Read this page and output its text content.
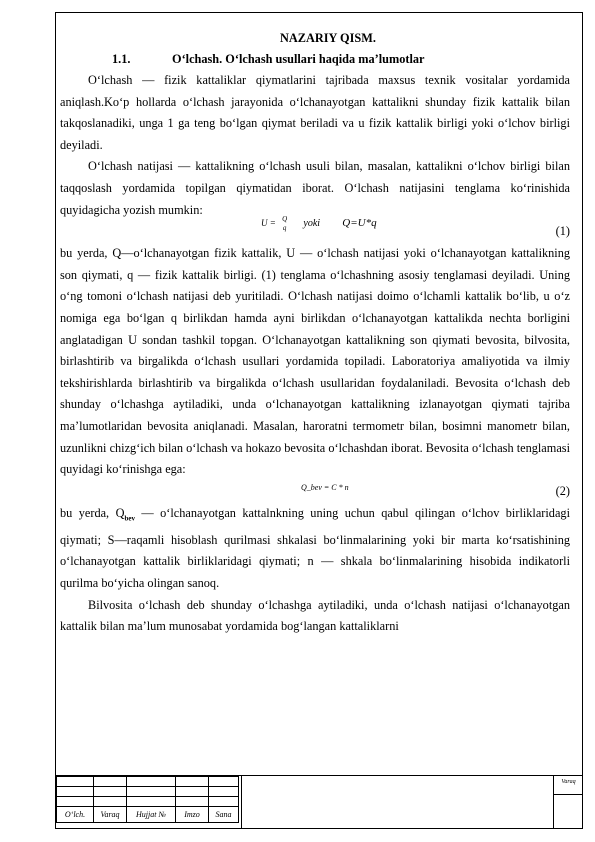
NAZARIY QISM.
1.1.	O‘lchash. O‘lchash usullari haqida ma’lumotlar

O‘lchash — fizik kattaliklar qiymatlarini tajribada maxsus texnik vositalar yordamida aniqlash.Ko‘p hollarda o‘lchash jarayonida o‘lchanayotgan kattalikni shunday fizik kattalik bilan takqoslanadiki, unga 1 ga teng bo‘lgan qiymat beriladi va u fizik kattalik birligi yoki o‘lchov birligi deyiladi.

O‘lchash natijasi — kattalikning o‘lchash usuli bilan, masalan, kattalikni o‘lchov birligi bilan taqqoslash yordamida topilgan qiymatidan iborat. O‘lchash natijasini tenglama ko‘rinishida quyidagicha yozish mumkin:

U = Q
q yoki Q=U*q
(1)

bu yerda, Q—o‘lchanayotgan fizik kattalik, U — o‘lchash natijasi yoki o‘lchanayotgan kattalikning son qiymati, q — fizik kattalik birligi. (1) tenglama o‘lchashning asosiy tenglamasi deyiladi. Uning o‘ng tomoni o‘lchash natijasi deb yuritiladi. O‘lchash natijasi doimo o‘lchamli kattalik bo‘lib, u o‘z nomiga ega bo‘lgan q birlikdan hamda ayni birlikdan o‘lchanayotgan kattalikda nechta borligini anglatadigan U sondan tashkil topgan. O‘lchanayotgan kattalikning son qiymati bevosita, bilvosita, birlashtirib va birgalikda o‘lchash usullari yordamida topiladi. Laboratoriya amaliyotida va ilmiy tekshirishlarda birlashtirib va birgalikda o‘lchash usullaridan foydalaniladi. Bevosita o‘lchash deb shunday o‘lchashga aytiladiki, unda o‘lchanayotgan kattalikning izlanayotgan qiymati tajriba ma’lumotlaridan bevosita aniqlanadi. Masalan, haroratni termometr bilan, bosimni manometr bilan, uzunlikni chizg‘ich bilan o‘lchash va hokazo bevosita o‘lchashdan iborat. Bevosita o‘lchash tenglamasi quyidagi ko‘rinishga ega:

Q_bev = C * n	(2)

bu yerda, $Q_{bev}$ — o‘lchanayotgan kattalnkning uning uchun qabul qilingan o‘lchov birliklaridagi qiymati; S—raqamli hisoblash qurilmasi shkalasi bo‘linmalarining yoki bir marta ko‘rsatishining o‘lchanayotgan kattalik birliklaridagi qiymati; n — shkala bo‘linmalarining hisobida indikatorli qurilma bo‘yicha olingan sanoq.

Bilvosita o‘lchash deb shunday o‘lchashga aytiladiki, unda o‘lchash natijasi o‘lchanayotgan kattalik bilan ma’lum munosabat yordamida bog‘langan kattaliklarni

O‘lch.	Varaq	Hujjat №	Imzo	Sana
Varaq
